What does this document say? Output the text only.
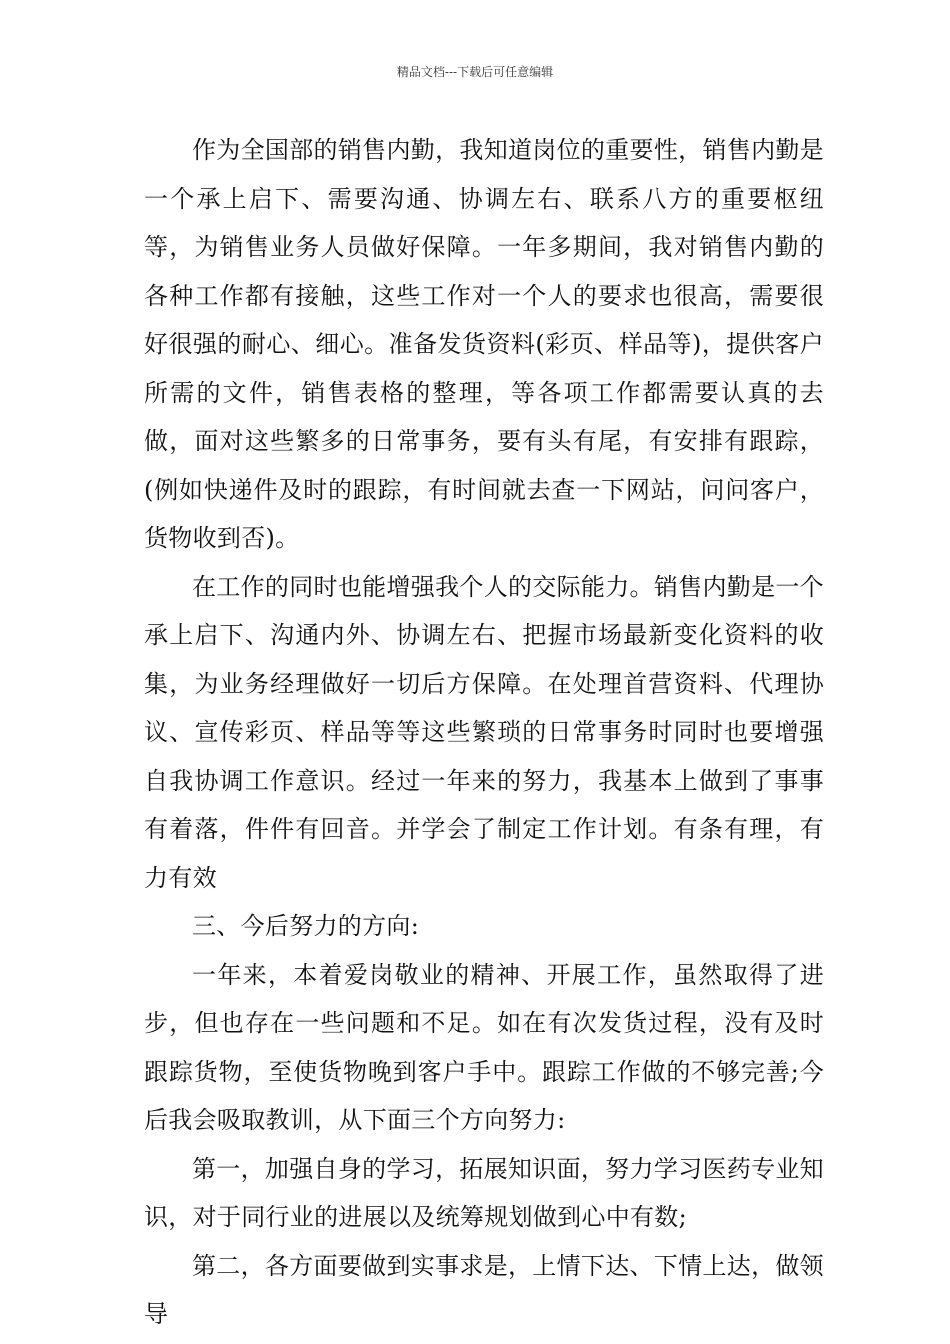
精品文档---下载后可任意编辑

作为全国部的销售内勤，我知道岗位的重要性，销售内勤是一个承上启下、需要沟通、协调左右、联系八方的重要枢纽等，为销售业务人员做好保障。一年多期间，我对销售内勤的各种工作都有接触，这些工作对一个人的要求也很高，需要很好很强的耐心、细心。准备发货资料(彩页、样品等)，提供客户所需的文件，销售表格的整理，等各项工作都需要认真的去做，面对这些繁多的日常事务，要有头有尾，有安排有跟踪，(例如快递件及时的跟踪，有时间就去查一下网站，问问客户，货物收到否)。

在工作的同时也能增强我个人的交际能力。销售内勤是一个承上启下、沟通内外、协调左右、把握市场最新变化资料的收集，为业务经理做好一切后方保障。在处理首营资料、代理协议、宣传彩页、样品等等这些繁琐的日常事务时同时也要增强自我协调工作意识。经过一年来的努力，我基本上做到了事事有着落，件件有回音。并学会了制定工作计划。有条有理，有力有效

三、今后努力的方向:

一年来，本着爱岗敬业的精神、开展工作，虽然取得了进步，但也存在一些问题和不足。如在有次发货过程，没有及时跟踪货物，至使货物晚到客户手中。跟踪工作做的不够完善;今后我会吸取教训，从下面三个方向努力:

第一，加强自身的学习，拓展知识面，努力学习医药专业知识，对于同行业的进展以及统筹规划做到心中有数;

第二，各方面要做到实事求是，上情下达、下情上达，做领导
